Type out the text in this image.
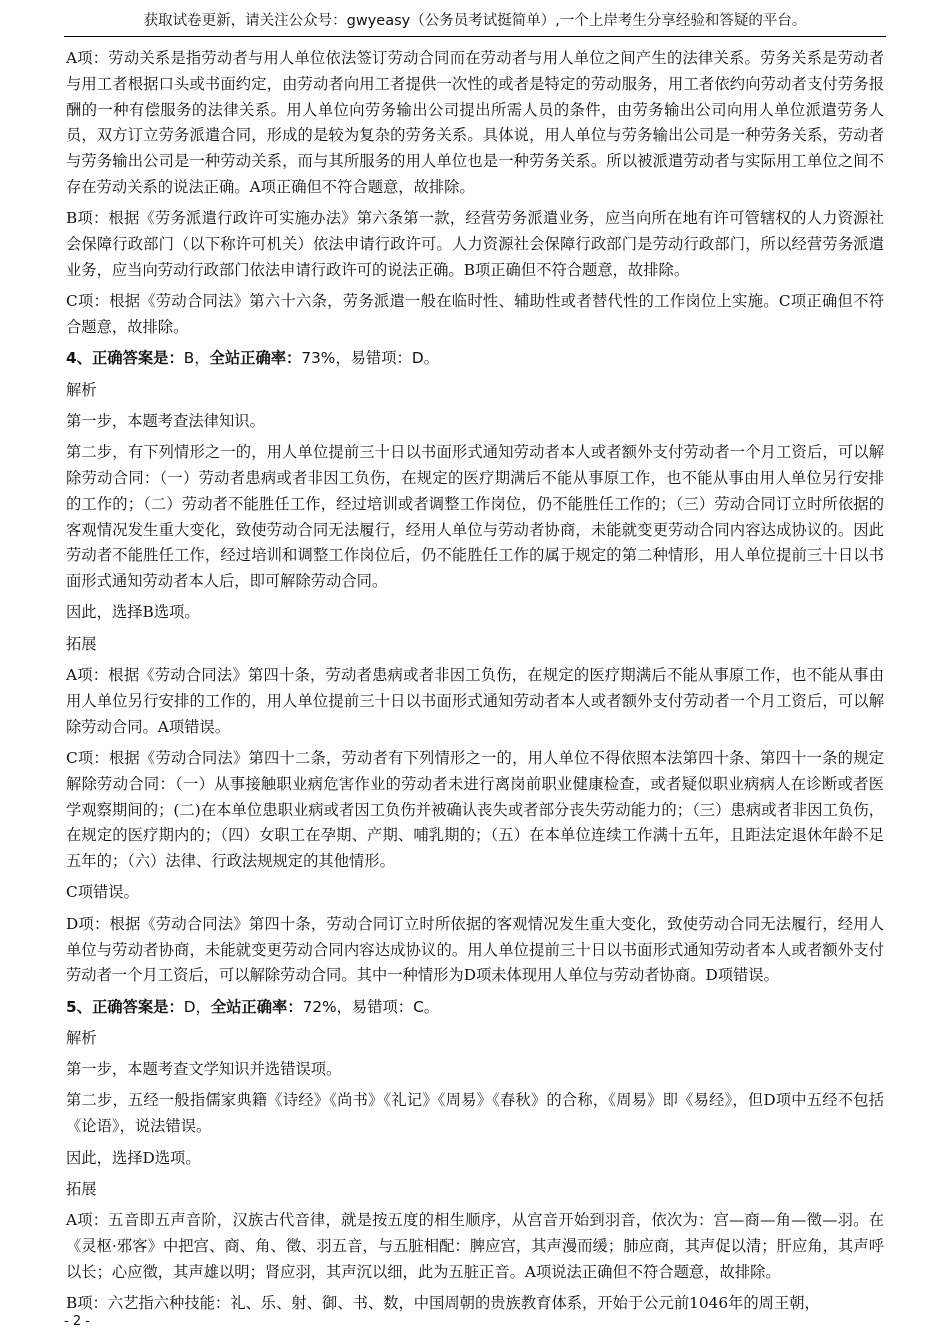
获取试卷更新，请关注公众号：gwyeasy（公务员考试挺简单）,一个上岸考生分享经验和答疑的平台。

A项：劳动关系是指劳动者与用人单位依法签订劳动合同而在劳动者与用人单位之间产生的法律关系。劳务关系是劳动者与用工者根据口头或书面约定，由劳动者向用工者提供一次性的或者是特定的劳动服务，用工者依约向劳动者支付劳务报酬的一种有偿服务的法律关系。用人单位向劳务输出公司提出所需人员的条件，由劳务输出公司向用人单位派遣劳务人员，双方订立劳务派遣合同，形成的是较为复杂的劳务关系。具体说，用人单位与劳务输出公司是一种劳务关系，劳动者与劳务输出公司是一种劳动关系，而与其所服务的用人单位也是一种劳务关系。所以被派遣劳动者与实际用工单位之间不存在劳动关系的说法正确。A项正确但不符合题意，故排除。

B项：根据《劳务派遣行政许可实施办法》第六条第一款，经营劳务派遣业务，应当向所在地有许可管辖权的人力资源社会保障行政部门（以下称许可机关）依法申请行政许可。人力资源社会保障行政部门是劳动行政部门，所以经营劳务派遣业务，应当向劳动行政部门依法申请行政许可的说法正确。B项正确但不符合题意，故排除。

C项：根据《劳动合同法》第六十六条，劳务派遣一般在临时性、辅助性或者替代性的工作岗位上实施。C项正确但不符合题意，故排除。

4、正确答案是：B，全站正确率：73%，易错项：D。

解析

第一步，本题考查法律知识。

第二步，有下列情形之一的，用人单位提前三十日以书面形式通知劳动者本人或者额外支付劳动者一个月工资后，可以解除劳动合同：（一）劳动者患病或者非因工负伤，在规定的医疗期满后不能从事原工作，也不能从事由用人单位另行安排的工作的；（二）劳动者不能胜任工作，经过培训或者调整工作岗位，仍不能胜任工作的；（三）劳动合同订立时所依据的客观情况发生重大变化，致使劳动合同无法履行，经用人单位与劳动者协商，未能就变更劳动合同内容达成协议的。因此劳动者不能胜任工作，经过培训和调整工作岗位后，仍不能胜任工作的属于规定的第二种情形，用人单位提前三十日以书面形式通知劳动者本人后，即可解除劳动合同。

因此，选择B选项。

拓展

A项：根据《劳动合同法》第四十条，劳动者患病或者非因工负伤，在规定的医疗期满后不能从事原工作，也不能从事由用人单位另行安排的工作的，用人单位提前三十日以书面形式通知劳动者本人或者额外支付劳动者一个月工资后，可以解除劳动合同。A项错误。

C项：根据《劳动合同法》第四十二条，劳动者有下列情形之一的，用人单位不得依照本法第四十条、第四十一条的规定解除劳动合同：（一）从事接触职业病危害作业的劳动者未进行离岗前职业健康检查，或者疑似职业病病人在诊断或者医学观察期间的；(二)在本单位患职业病或者因工负伤并被确认丧失或者部分丧失劳动能力的；（三）患病或者非因工负伤，在规定的医疗期内的；（四）女职工在孕期、产期、哺乳期的；（五）在本单位连续工作满十五年，且距法定退休年龄不足五年的；（六）法律、行政法规规定的其他情形。

C项错误。

D项：根据《劳动合同法》第四十条，劳动合同订立时所依据的客观情况发生重大变化，致使劳动合同无法履行，经用人单位与劳动者协商，未能就变更劳动合同内容达成协议的。用人单位提前三十日以书面形式通知劳动者本人或者额外支付劳动者一个月工资后，可以解除劳动合同。其中一种情形为D项未体现用人单位与劳动者协商。D项错误。

5、正确答案是：D，全站正确率：72%，易错项：C。

解析

第一步，本题考查文学知识并选错误项。

第二步，五经一般指儒家典籍《诗经》《尚书》《礼记》《周易》《春秋》的合称，《周易》即《易经》，但D项中五经不包括《论语》，说法错误。

因此，选择D选项。

拓展

A项：五音即五声音阶，汉族古代音律，就是按五度的相生顺序，从宫音开始到羽音，依次为：宫—商—角—徵—羽。在《灵枢·邪客》中把宫、商、角、徵、羽五音，与五脏相配：脾应宫，其声漫而缓；肺应商，其声促以清；肝应角，其声呼以长；心应徵，其声雄以明；肾应羽，其声沉以细，此为五脏正音。A项说法正确但不符合题意，故排除。

B项：六艺指六种技能：礼、乐、射、御、书、数，中国周朝的贵族教育体系，开始于公元前1046年的周王朝，

- 2 -
